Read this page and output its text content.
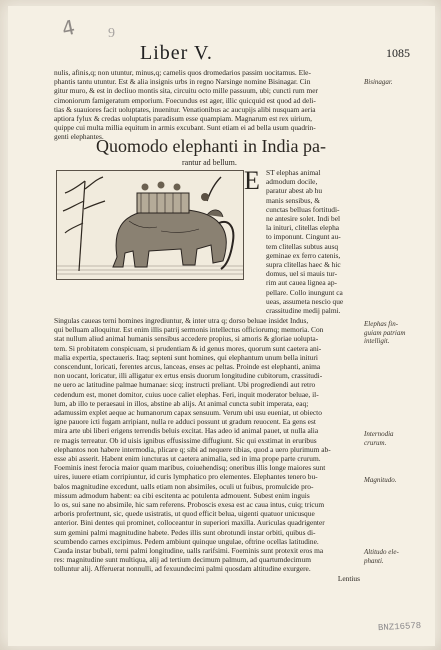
4 9
Liber V.	1085
nulis, afinis,q; non utuntur, minus,q; camelis quos dromedarios passim uocitamus. Ele-
phantis tantu utuntur. Est & alia insignis urbs in regno Narsinge nomine Bisinagar. Cin
gitur muro, & est in decliuo montis sita, circuitu octo mille passuum, ubi; cuncti rum mer
cimoniorum famigeratum emporium. Foecundus est ager, illic quicquid est quod ad deli-
tias & suauiores facit uoluptates, inuenitur. Venationibus ac aucupijs alibi nusquam aeria
aptiora fylux & credas uoluptatis paradisum esse quampiam. Magnarum est rex uirium,
quippe cui multa millia equitum in armis excubant. Sunt etiam ei ad bella usum quadrin-
genti elephantes.
Bisinagar.
Quomodo elephanti in India pa-
rantur ad bellum.
E ST elephas animal
admodum docile,
paratur abest ab hu
manis sensibus, &
cunctas belluas fortitudi-
ne antesire solet. Indi bel
la inituri, clitellas elepha
to imponunt. Cingunt au-
tem clitellas subtus ausq
geminae ex ferro catenis,
supra clitellas haec & hic
domus, uel si mauis tur-
rim aut cauea lignea ap-
pellare. Collo inungunt ca
ueas, assumeta nescio que
crassitudine medij palmi.
Singulas caueas terni homines ingrediuntur, & inter utra q; dorso beluae insidet Indus,
qui belluam alloquitur. Est enim illis patrij sermonis intellectus officiorumq; memoria. Con
stat nullum aliud animal humanis sensibus accedere propius, si amoris & gloriae uolupta-
tem. Si probitatem conspicuam, si prudentiam & id genus mores, quorum sunt caetera ani-
malia expertia, spectaueris. Itaq; septeni sunt homines, qui elephantum unum bella inituri
conscendunt, loricati, ferentes arcus, lanceas, enses ac peltas. Proinde est elephanti, anima
non uocant, loricatur, illi alligatur ex ertus ensis duorum longitudine cubitorum, crassitudi-
ne uero ac latitudine palmae humanae: sicq; instructi preliant. Ubi progrediendi aut retro
cedendum est, monet domitor, cuius uoce caliet elephas. Feri, inquit moderator beluae, il-
lum, ab illo te peraesaui in illos, abstine ab alijs. At animal cuncta subit imperata, eaq;
adamussim explet aeque ac humanorum capax sensuum. Verum ubi usu eueniat, ut obiecto
igne pauore icti fugam arripiant, nulla re adduci possunt ut gradum reuocent. Ea gens est
mira arte ubi liberi erigens terrendis beluis excitat. Has adeo id animal pauet, ut nulla alia
re magis terreatur. Ob id uisis ignibus effusissime diffugiunt. Sic qui exstimat in eruribus
elephantos non habere intermodia, plicare q; sibi ad nequere tibias, quod a uero plurimum ab-
esse abi asserit. Habent enim iuncturas ut caetera animalia, sed in ima prope parte crurum.
Foeminis inest ferocia maior quam maribus, coiuehendisq; oneribus illis longe maiores sunt
uires, iuuere etiam corripiuntur, id curis lymphatico pro elementes. Elephantes tenero bu-
balos magnitudine excedunt, ualls etiam non absimiles, oculi ut fuibus, promulcide pro-
missum admodum habent: ea cibi escitenta ac potulenta admouent. Subest enim inguis
lo os, sui sane no absimile, hic sam referens. Proboscis exesa est ac caua intus, cuiq; tricum
arboris profertnunt, sic, quede usistratis, ut quod efficit belua, uigenti quatuor unicusque
anterior. Bini dentes qui prominet, colloceantur in superiori maxilla. Auriculas quadrigenter
sum gemini palmi magnitudine habete. Pedes illis sunt obrotundi instar orbiti, quibus di-
scumbendo carnes excipimus. Pedem ambiunt quinque ungulae, oftrine ocellas latitudine.
Cauda instar bubali, terni palmi longitudine, ualls rarifsimi. Foeminis sunt protexit eros ma
res: magnitudine sunt multiqua, alij ad tertium decimum palmum, ad quartumdecimum
tolluntur alij. Afferuerat nonnulli, ad fexuundecimi palmi quosdam altitudine exurgere.
Lentius
Elephas fin-
guiam patriam
intelligit.
Internodia
crurum.
Magnitudo.
Altitudo ele-
phanti.
BNZ16578
